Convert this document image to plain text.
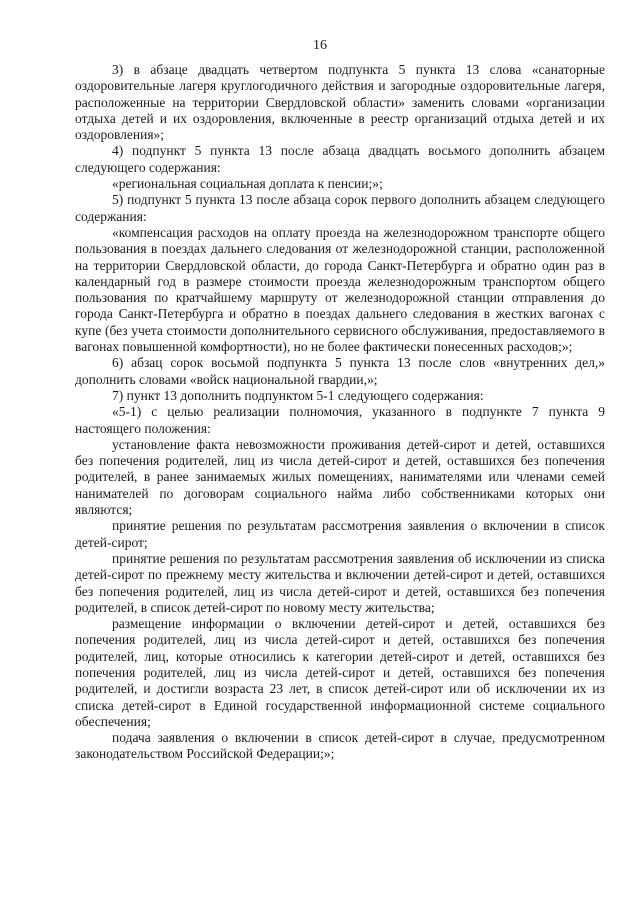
16

3) в абзаце двадцать четвертом подпункта 5 пункта 13 слова «санаторные оздоровительные лагеря круглогодичного действия и загородные оздоровительные лагеря, расположенные на территории Свердловской области» заменить словами «организации отдыха детей и их оздоровления, включенные в реестр организаций отдыха детей и их оздоровления»;

4) подпункт 5 пункта 13 после абзаца двадцать восьмого дополнить абзацем следующего содержания:

«региональная социальная доплата к пенсии;»;

5) подпункт 5 пункта 13 после абзаца сорок первого дополнить абзацем следующего содержания:

«компенсация расходов на оплату проезда на железнодорожном транспорте общего пользования в поездах дальнего следования от железнодорожной станции, расположенной на территории Свердловской области, до города Санкт-Петербурга и обратно один раз в календарный год в размере стоимости проезда железнодорожным транспортом общего пользования по кратчайшему маршруту от железнодорожной станции отправления до города Санкт-Петербурга и обратно в поездах дальнего следования в жестких вагонах с купе (без учета стоимости дополнительного сервисного обслуживания, предоставляемого в вагонах повышенной комфортности), но не более фактически понесенных расходов;»;

6) абзац сорок восьмой подпункта 5 пункта 13 после слов «внутренних дел,» дополнить словами «войск национальной гвардии,»;

7) пункт 13 дополнить подпунктом 5-1 следующего содержания:

«5-1) с целью реализации полномочия, указанного в подпункте 7 пункта 9 настоящего положения:

установление факта невозможности проживания детей-сирот и детей, оставшихся без попечения родителей, лиц из числа детей-сирот и детей, оставшихся без попечения родителей, в ранее занимаемых жилых помещениях, нанимателями или членами семей нанимателей по договорам социального найма либо собственниками которых они являются;

принятие решения по результатам рассмотрения заявления о включении в список детей-сирот;

принятие решения по результатам рассмотрения заявления об исключении из списка детей-сирот по прежнему месту жительства и включении детей-сирот и детей, оставшихся без попечения родителей, лиц из числа детей-сирот и детей, оставшихся без попечения родителей, в список детей-сирот по новому месту жительства;

размещение информации о включении детей-сирот и детей, оставшихся без попечения родителей, лиц из числа детей-сирот и детей, оставшихся без попечения родителей, лиц, которые относились к категории детей-сирот и детей, оставшихся без попечения родителей, лиц из числа детей-сирот и детей, оставшихся без попечения родителей, и достигли возраста 23 лет, в список детей-сирот или об исключении их из списка детей-сирот в Единой государственной информационной системе социального обеспечения;

подача заявления о включении в список детей-сирот в случае, предусмотренном законодательством Российской Федерации;»;
